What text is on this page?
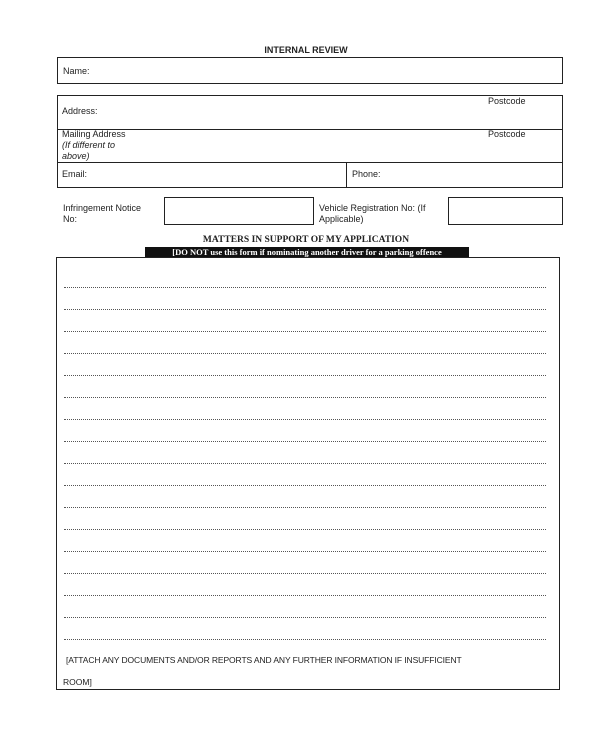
INTERNAL REVIEW
Name:
Address:
Postcode
Mailing Address
(If different to
above)
Postcode
Email:	Phone:
Infringement Notice
No:
Vehicle Registration No: (If
Applicable)
MATTERS IN SUPPORT OF MY APPLICATION
[DO NOT use this form if nominating another driver for a parking offence
[ATTACH ANY DOCUMENTS AND/OR REPORTS AND ANY FURTHER INFORMATION IF INSUFFICIENT
ROOM]
